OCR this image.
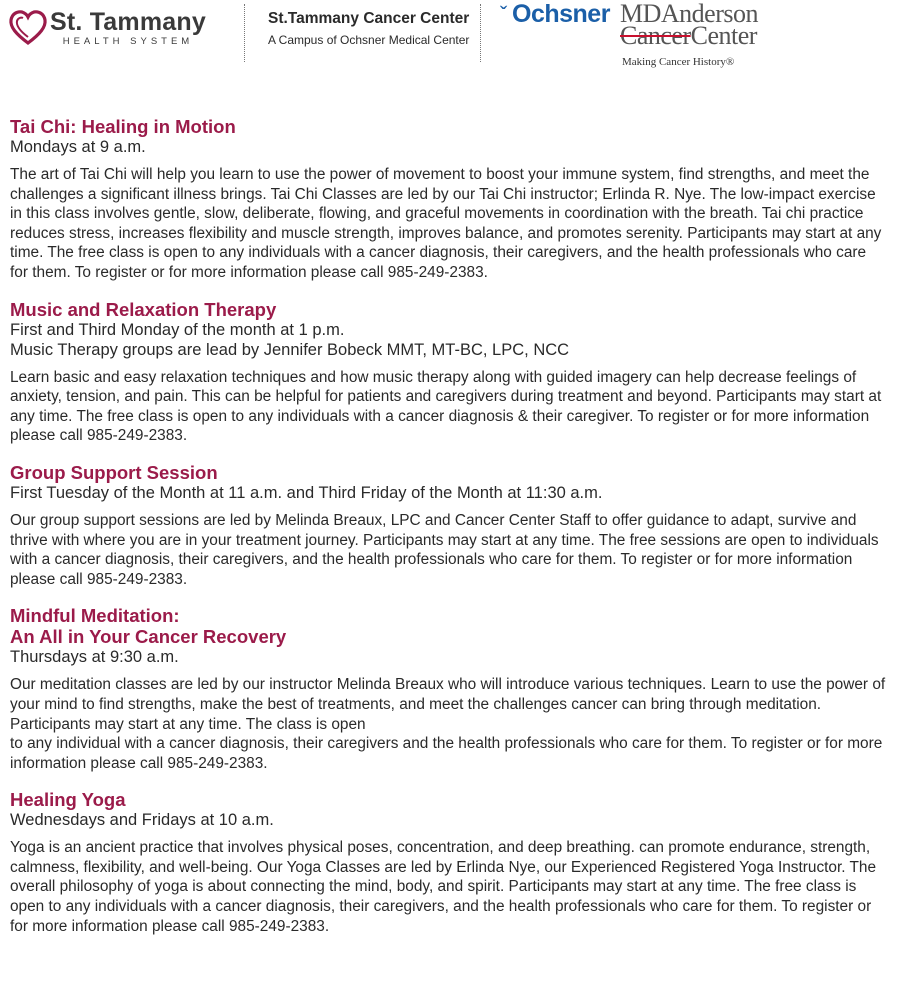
St. Tammany
HEALTH SYSTEM
St.Tammany Cancer Center
A Campus of Ochsner Medical Center
ˇ Ochsner MDAnderson
CancerCenter
Making Cancer History®
Tai Chi: Healing in Motion
Mondays at 9 a.m.
The art of Tai Chi will help you learn to use the power of movement to boost your immune system, find strengths, and meet the challenges a significant illness brings. Tai Chi Classes are led by our Tai Chi instructor; Erlinda R. Nye. The low-impact exercise in this class involves gentle, slow, deliberate, flowing, and graceful movements in coordination with the breath. Tai chi practice reduces stress, increases flexibility and muscle strength, improves balance, and promotes serenity. Participants may start at any time. The free class is open to any individuals with a cancer diagnosis, their caregivers, and the health professionals who care for them. To register or for more information please call 985-249-2383.
Music and Relaxation Therapy
First and Third Monday of the month at 1 p.m.
Music Therapy groups are lead by Jennifer Bobeck MMT, MT-BC, LPC, NCC
Learn basic and easy relaxation techniques and how music therapy along with guided imagery can help decrease feelings of anxiety, tension, and pain. This can be helpful for patients and caregivers during treatment and beyond. Participants may start at any time. The free class is open to any individuals with a cancer diagnosis & their caregiver. To register or for more information please call 985-249-2383.
Group Support Session
First Tuesday of the Month at 11 a.m. and Third Friday of the Month at 11:30 a.m.
Our group support sessions are led by Melinda Breaux, LPC and Cancer Center Staff to offer guidance to adapt, survive and thrive with where you are in your treatment journey. Participants may start at any time. The free sessions are open to individuals with a cancer diagnosis, their caregivers, and the health professionals who care for them. To register or for more information please call 985-249-2383.
Mindful Meditation:
An All in Your Cancer Recovery
Thursdays at 9:30 a.m.

Our meditation classes are led by our instructor Melinda Breaux who will introduce various techniques. Learn to use the power of your mind to find strengths, make the best of treatments, and meet the challenges cancer can bring through meditation. Participants may start at any time. The class is open

to any individual with a cancer diagnosis, their caregivers and the health professionals who care for them. To register or for more information please call 985-249-2383.

Healing Yoga
Wednesdays and Fridays at 10 a.m.
Yoga is an ancient practice that involves physical poses, concentration, and deep breathing. can promote endurance, strength, calmness, flexibility, and well-being. Our Yoga Classes are led by Erlinda Nye, our Experienced Registered Yoga Instructor. The overall philosophy of yoga is about connecting the mind, body, and spirit. Participants may start at any time. The free class is open to any individuals with a cancer diagnosis, their caregivers, and the health professionals who care for them. To register or for more information please call 985-249-2383.
